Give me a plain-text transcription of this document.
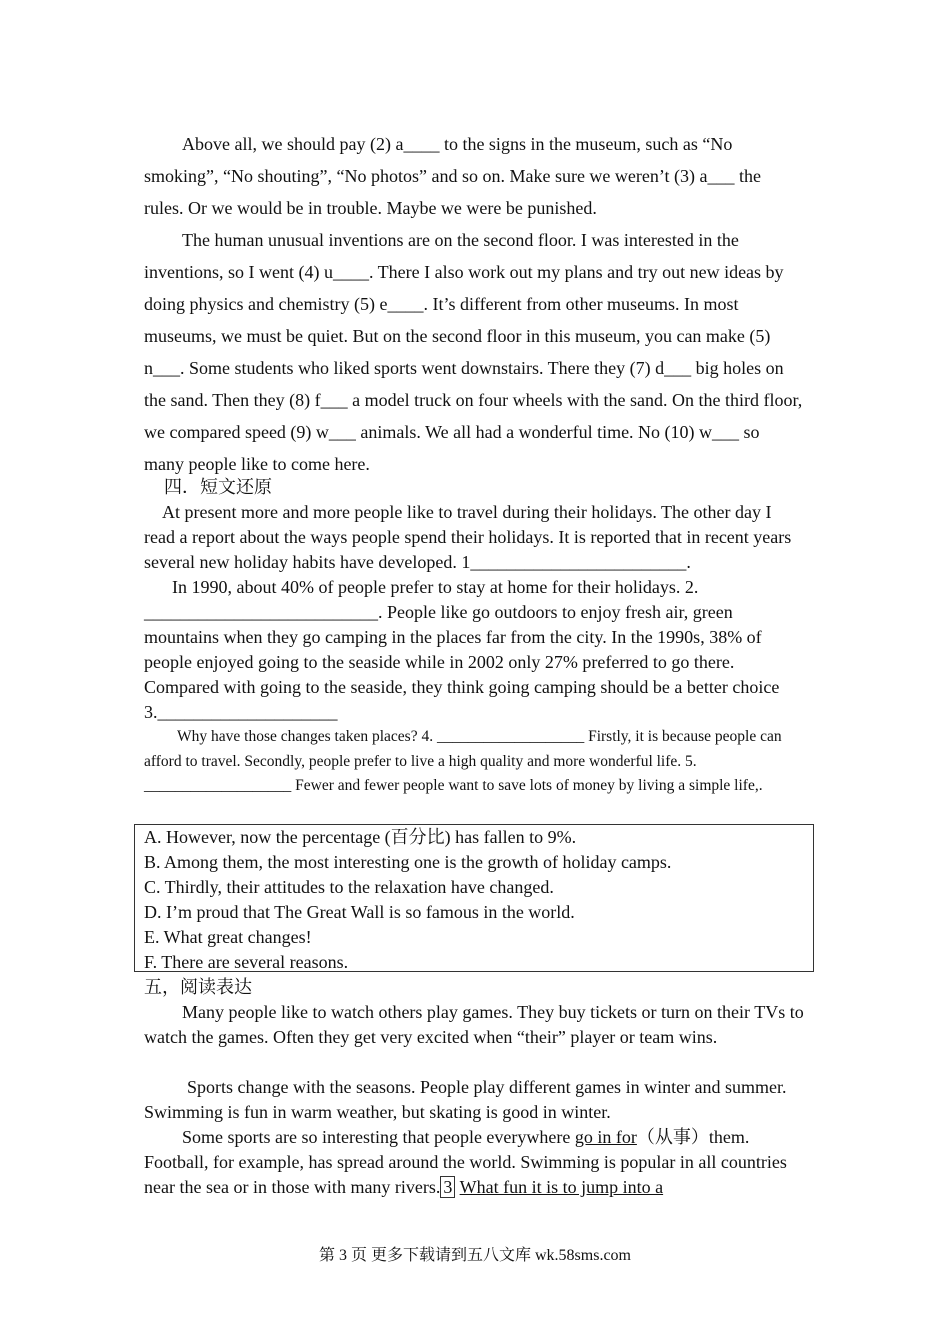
Above all, we should pay (2) a____ to the signs in the museum, such as “No smoking”, “No shouting”, “No photos” and so on. Make sure we weren’t (3) a___ the rules. Or we would be in trouble. Maybe we were be punished.

The human unusual inventions are on the second floor. I was interested in the inventions, so I went (4) u____. There I also work out my plans and try out new ideas by doing physics and chemistry (5) e____. It’s different from other museums. In most museums, we must be quiet. But on the second floor in this museum, you can make (5) n___. Some students who liked sports went downstairs. There they (7) d___ big holes on the sand. Then they (8) f___ a model truck on four wheels with the sand. On the third floor, we compared speed (9) w___ animals. We all had a wonderful time. No (10) w___ so many people like to come here.

四．短文还原

At present more and more people like to travel during their holidays. The other day I read a report about the ways people spend their holidays. It is reported that in recent years several new holiday habits have developed. 1________________________.

In 1990, about 40% of people prefer to stay at home for their holidays. 2. __________________________. People like go outdoors to enjoy fresh air, green mountains when they go camping in the places far from the city. In the 1990s, 38% of people enjoyed going to the seaside while in 2002 only 27% preferred to go there. Compared with going to the seaside, they think going camping should be a better choice 3.____________________

Why have those changes taken places? 4. ___________________ Firstly, it is because people can afford to travel. Secondly, people prefer to live a high quality and more wonderful life. 5. ___________________ Fewer and fewer people want to save lots of money by living a simple life,.

A. However, now the percentage (百分比) has fallen to 9%.
B. Among them, the most interesting one is the growth of holiday camps.
C. Thirdly, their attitudes to the relaxation have changed.
D. I’m proud that The Great Wall is so famous in the world.
E. What great changes!
F. There are several reasons.
五，阅读表达

Many people like to watch others play games. They buy tickets or turn on their TVs to watch the games. Often they get very excited when “their” player or team wins.

Sports change with the seasons. People play different games in winter and summer. Swimming is fun in warm weather, but skating is good in winter.

Some sports are so interesting that people everywhere go in for（从事）them. Football, for example, has spread around the world. Swimming is popular in all countries near the sea or in those with many rivers. 3 What fun it is to jump into a

第 3 页 更多下载请到五八文库 wk.58sms.com
